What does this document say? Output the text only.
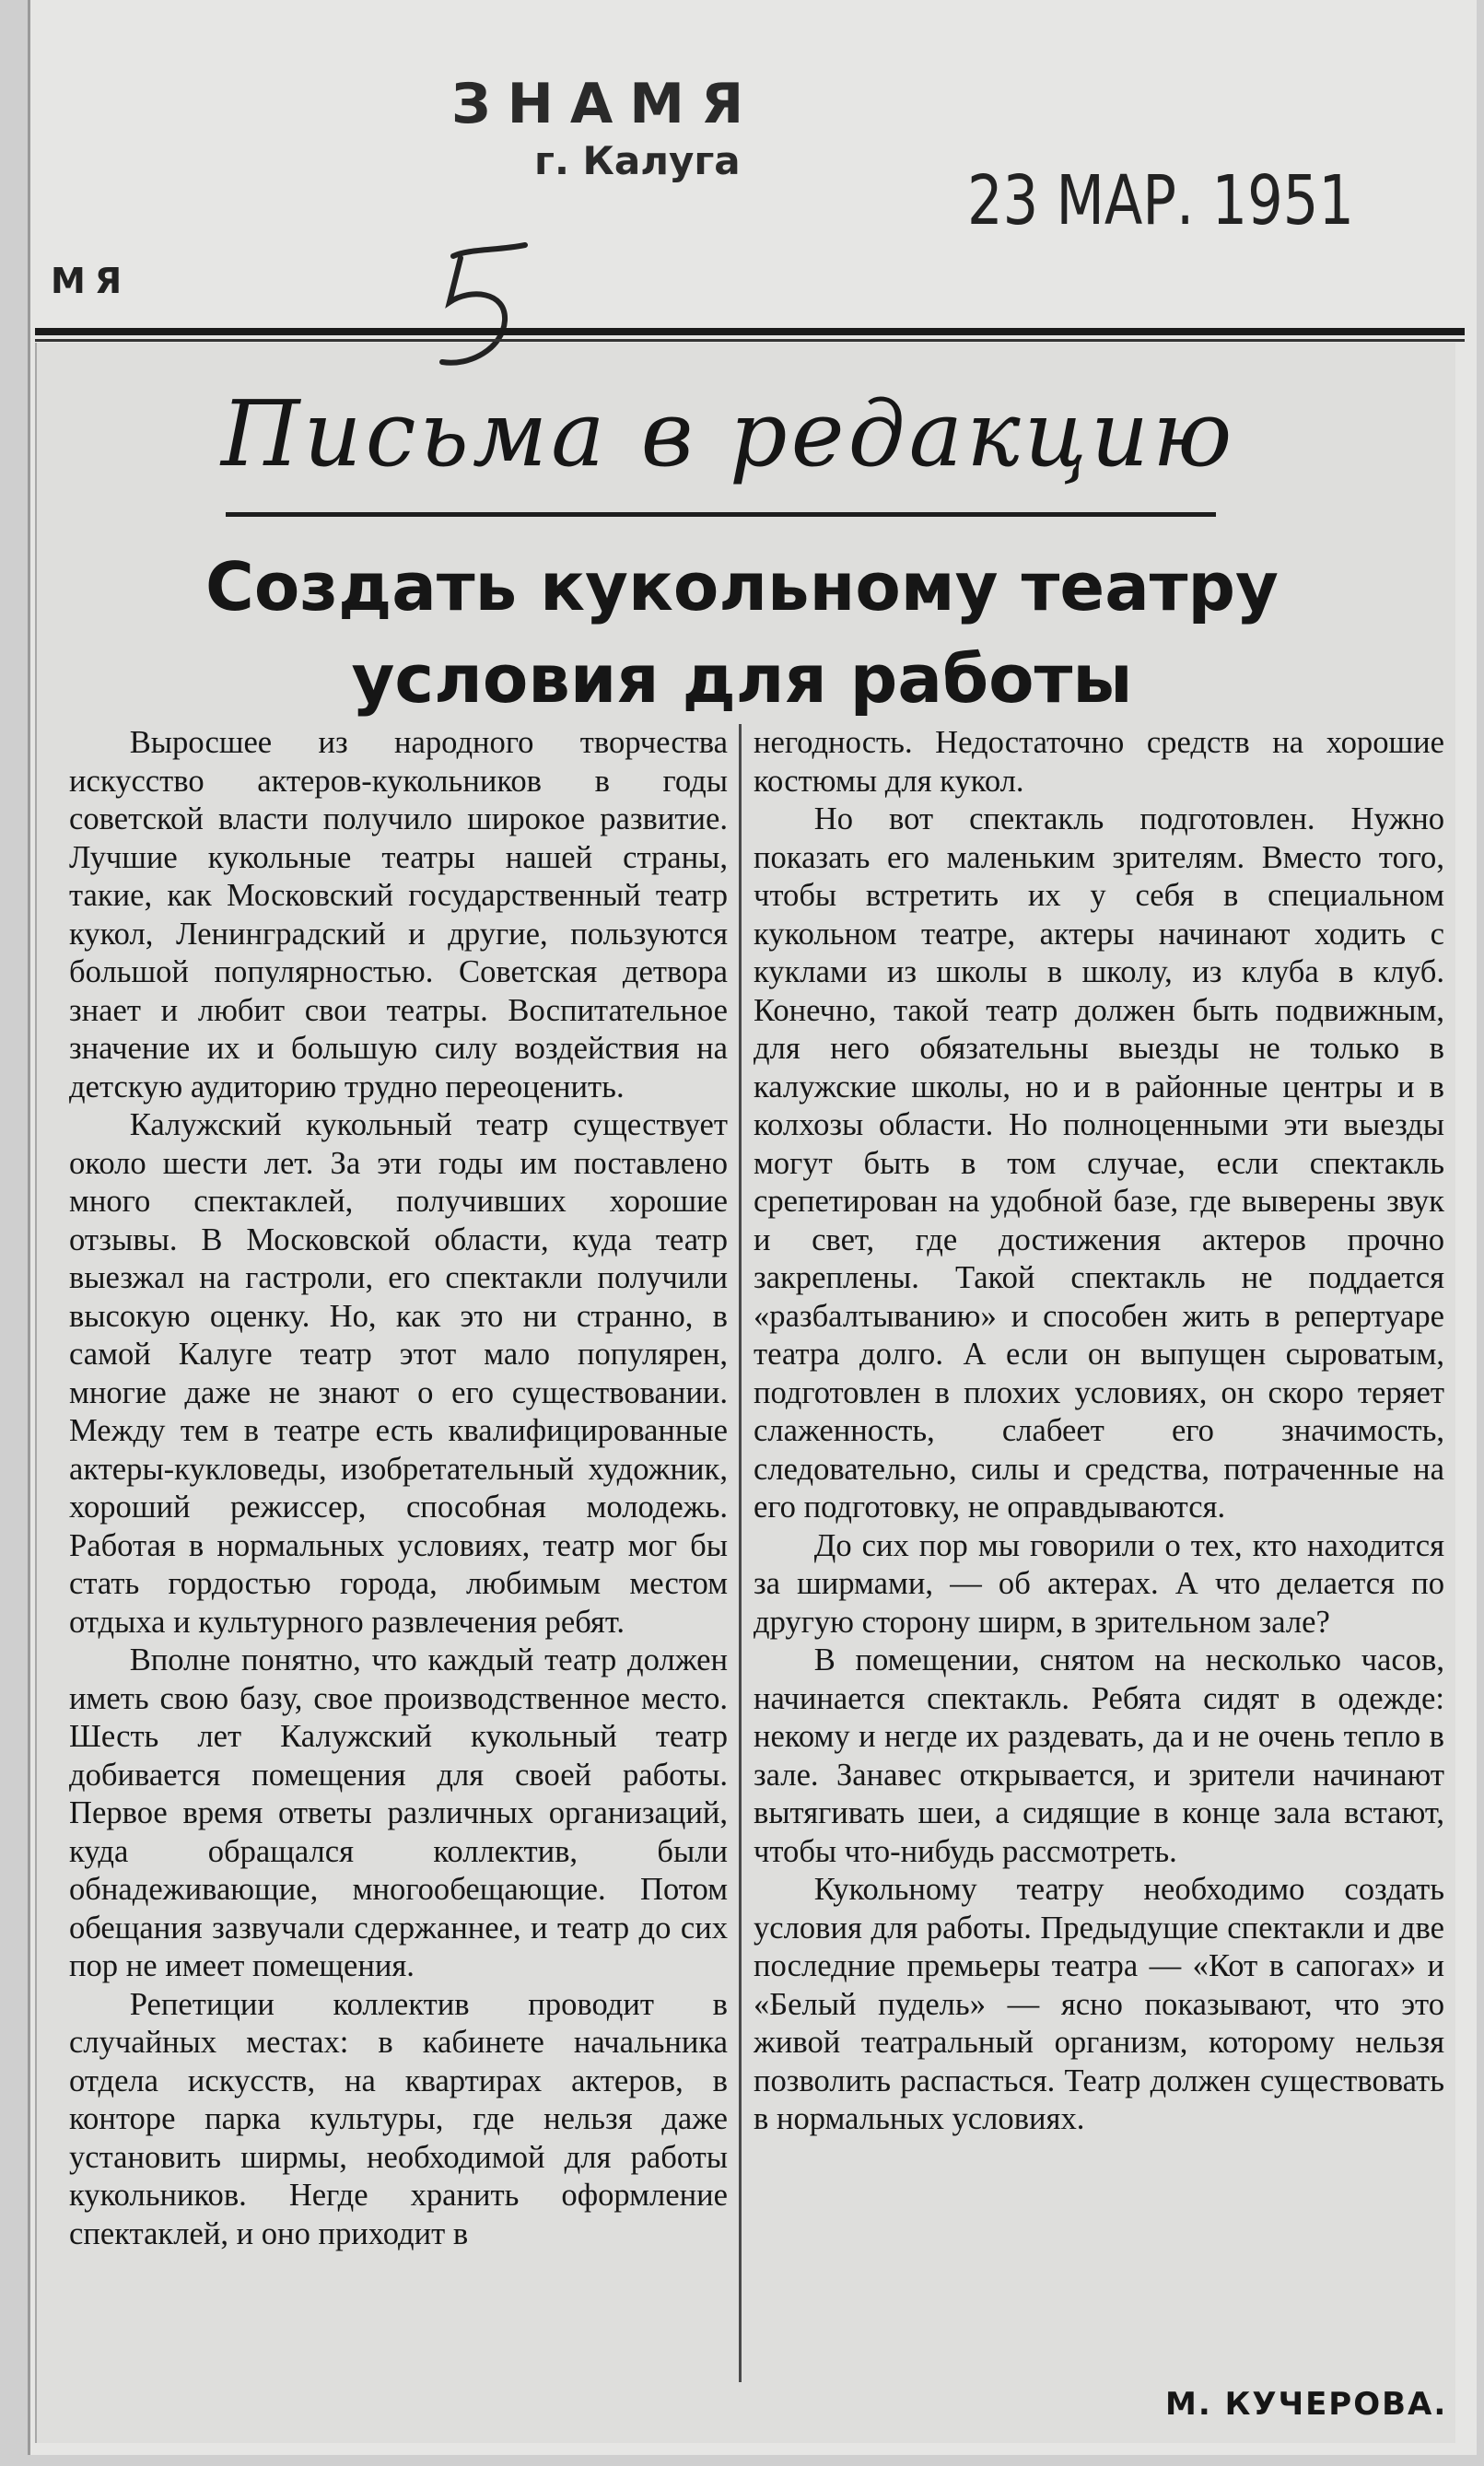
ЗНАМЯ
г. Калуга
23 МАР. 1951
МЯ
Письма в редакцию
Создать кукольному театру
условия для работы

Выросшее из народного творчества искусство актеров-кукольников в годы советской власти получило широкое развитие. Лучшие кукольные театры нашей страны, такие, как Московский государственный театр кукол, Ленинградский и другие, пользуются большой популярностью. Советская детвора знает и любит свои театры. Воспитательное значение их и большую силу воздействия на детскую аудиторию трудно переоценить.

Калужский кукольный театр существует около шести лет. За эти годы им поставлено много спектаклей, получивших хорошие отзывы. В Московской области, куда театр выезжал на гастроли, его спектакли получили высокую оценку. Но, как это ни странно, в самой Калуге театр этот мало популярен, многие даже не знают о его существовании. Между тем в театре есть квалифицированные актеры-кукловеды, изобретательный художник, хороший режиссер, способная молодежь. Работая в нормальных условиях, театр мог бы стать гордостью города, любимым местом отдыха и культурного развлечения ребят.

Вполне понятно, что каждый театр должен иметь свою базу, свое производственное место. Шесть лет Калужский кукольный театр добивается помещения для своей работы. Первое время ответы различных организаций, куда обращался коллектив, были обнадеживающие, многообещающие. Потом обещания зазвучали сдержаннее, и театр до сих пор не имеет помещения.

Репетиции коллектив проводит в случайных местах: в кабинете начальника отдела искусств, на квартирах актеров, в конторе парка культуры, где нельзя даже установить ширмы, необходимой для работы кукольников. Негде хранить оформление спектаклей, и оно приходит в

негодность. Недостаточно средств на хорошие костюмы для кукол.

Но вот спектакль подготовлен. Нужно показать его маленьким зрителям. Вместо того, чтобы встретить их у себя в специальном кукольном театре, актеры начинают ходить с куклами из школы в школу, из клуба в клуб. Конечно, такой театр должен быть подвижным, для него обязательны выезды не только в калужские школы, но и в районные центры и в колхозы области. Но полноценными эти выезды могут быть в том случае, если спектакль срепетирован на удобной базе, где выверены звук и свет, где достижения актеров прочно закреплены. Такой спектакль не поддается «разбалтыванию» и способен жить в репертуаре театра долго. А если он выпущен сыроватым, подготовлен в плохих условиях, он скоро теряет слаженность, слабеет его значимость, следовательно, силы и средства, потраченные на его подготовку, не оправдываются.

До сих пор мы говорили о тех, кто находится за ширмами, — об актерах. А что делается по другую сторону ширм, в зрительном зале?

В помещении, снятом на несколько часов, начинается спектакль. Ребята сидят в одежде: некому и негде их раздевать, да и не очень тепло в зале. Занавес открывается, и зрители начинают вытягивать шеи, а сидящие в конце зала встают, чтобы что-нибудь рассмотреть.

Кукольному театру необходимо создать условия для работы. Предыдущие спектакли и две последние премьеры театра — «Кот в сапогах» и «Белый пудель» — ясно показывают, что это живой театральный организм, которому нельзя позволить распасться. Театр должен существовать в нормальных условиях.

М. КУЧЕРОВА.
